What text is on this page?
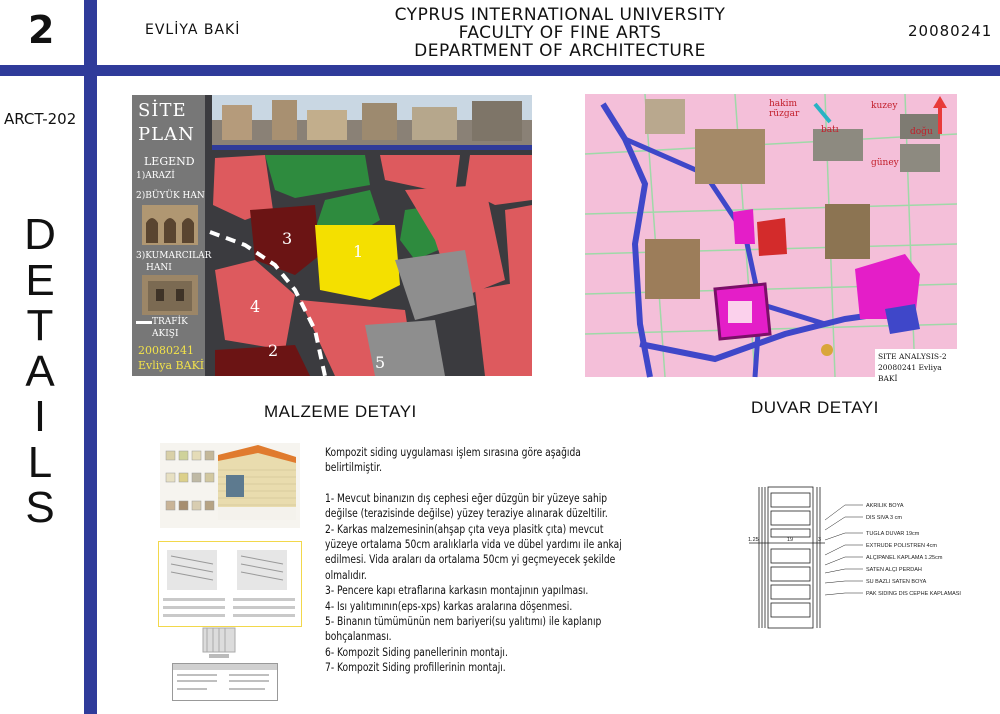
2	EVLİYA BAKİ
CYPRUS INTERNATIONAL UNIVERSITY
FACULTY OF FINE ARTS
DEPARTMENT OF ARCHITECTURE
20080241
ARCT-202
D
E
T
A
I
L
S
SİTE
PLAN
LEGEND
1)ARAZİ
2)BÜYÜK HAN
3)KUMARCILAR
HANI
TRAFİK
AKIŞI
20080241
Evliya BAKİ
1
2
3
4
5
hakim rüzgar
kuzey
batı	doğu
güney
SITE ANALYSIS-2
20080241 Evliya BAKİ
MALZEME DETAYI	DUVAR DETAYI

Kompozit siding uygulaması işlem sırasına göre aşağıda belirtilmiştir.

1- Mevcut binanızın dış cephesi eğer düzgün bir yüzeye sahip değilse (terazisinde değilse) yüzey teraziye alınarak düzeltilir.

2- Karkas malzemesinin(ahşap çıta veya plasitk çıta) mevcut yüzeye ortalama 50cm aralıklarla vida ve dübel yardımı ile ankaj edilmesi. Vida araları da ortalama 50cm yi geçmeyecek şekilde olmalıdır.

3- Pencere kapı etraflarına karkasın montajının yapılması.

4- Isı yalıtımının(eps-xps) karkas aralarına döşenmesi.

5- Binanın tümümünün nem bariyeri(su yalıtımı) ile kaplanıp bohçalanması.

6- Kompozit Siding panellerinin montajı.

7- Kompozit Siding profillerinin montajı.

AKRILIK BOYA
DIS SIVA 3 cm
TUGLA DUVAR 19cm
EXTRUDE POLISTREN 4cm
ALÇIPANEL KAPLAMA 1.25cm
SATEN ALÇI PERDAH
SU BAZLI SATEN BOYA
PAK SIDING DIS CEPHE KAPLAMASI
1.25	19	3
